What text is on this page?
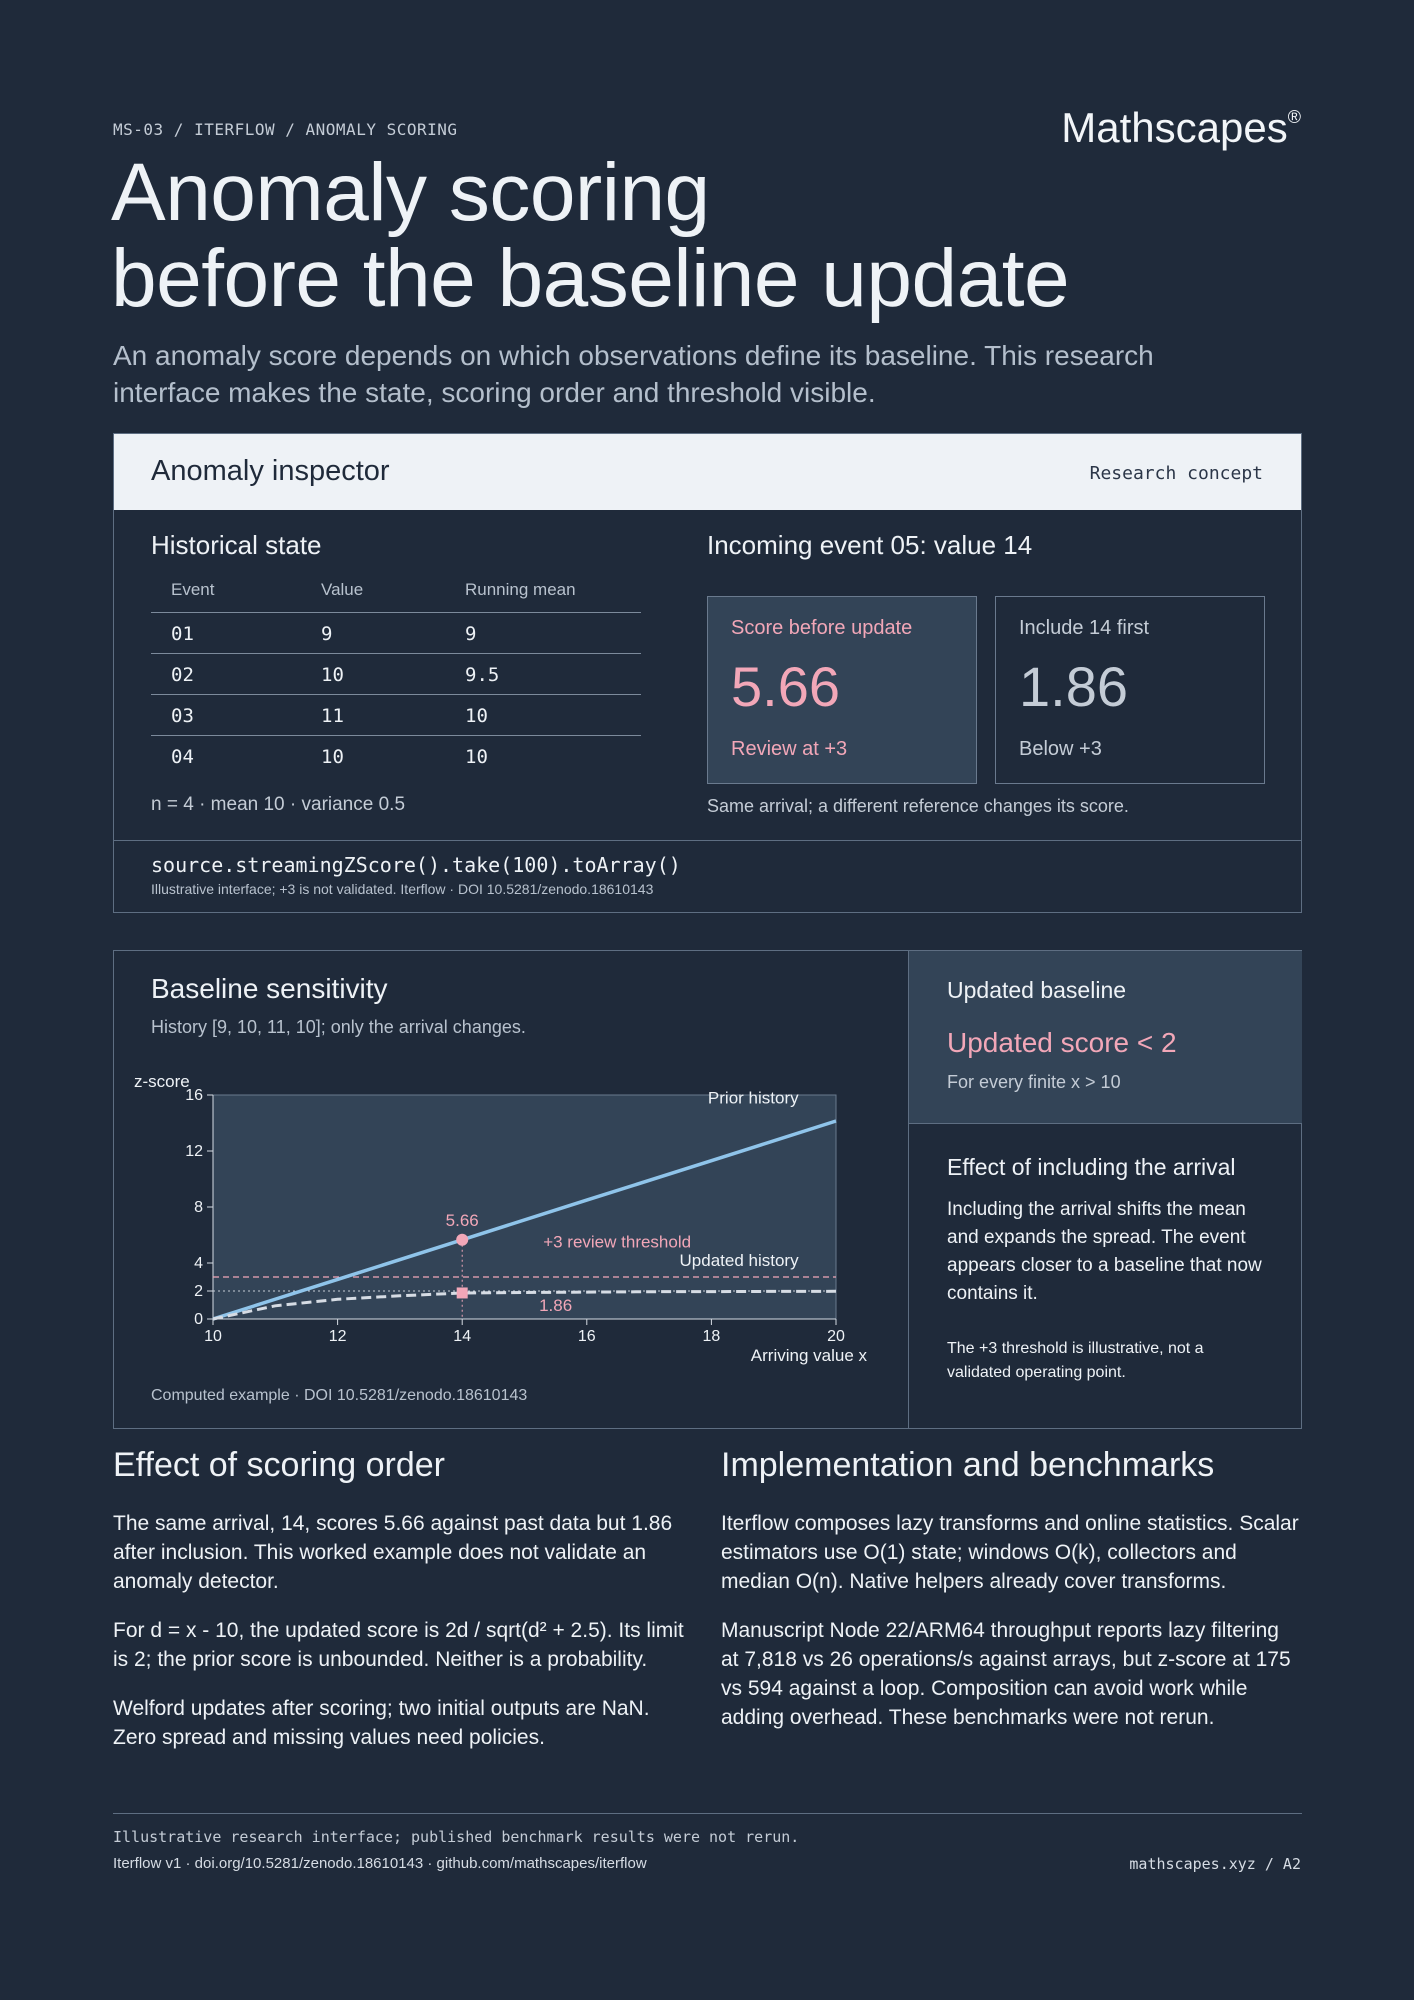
MS-03 / ITERFLOW / ANOMALY SCORING	Mathscapes®
Anomaly scoring
before the baseline update
An anomaly score depends on which observations define its baseline. This research interface makes the state, scoring order and threshold visible.
Anomaly inspector	Research concept
Historical state
Event	Value	Running mean
01	9	9
02	10	9.5
03	11	10
04	10	10
n = 4 · mean 10 · variance 0.5
Incoming event 05: value 14
Score before update
5.66
Review at +3
Include 14 first
1.86
Below +3
Same arrival; a different reference changes its score.
source.streamingZScore().take(100).toArray()
Illustrative interface; +3 is not validated. Iterflow · DOI 10.5281/zenodo.18610143
Baseline sensitivity
History [9, 10, 11, 10]; only the arrival changes.
10	12	14	16	18	20
0
2
4
8
12
16
z-score
Arriving value x
+3 review threshold
Prior history
Updated history
5.66
1.86
Computed example · DOI 10.5281/zenodo.18610143
Updated baseline
Updated score < 2
For every finite x > 10
Effect of including the arrival
Including the arrival shifts the mean and expands the spread. The event appears closer to a baseline that now contains it.
The +3 threshold is illustrative, not a validated operating point.
Effect of scoring order

The same arrival, 14, scores 5.66 against past data but 1.86 after inclusion. This worked example does not validate an anomaly detector.

For d = x - 10, the updated score is 2d / sqrt(d² + 2.5). Its limit is 2; the prior score is unbounded. Neither is a probability.

Welford updates after scoring; two initial outputs are NaN. Zero spread and missing values need policies.

Implementation and benchmarks

Iterflow composes lazy transforms and online statistics. Scalar estimators use O(1) state; windows O(k), collectors and median O(n). Native helpers already cover transforms.

Manuscript Node 22/ARM64 throughput reports lazy filtering at 7,818 vs 26 operations/s against arrays, but z-score at 175 vs 594 against a loop. Composition can avoid work while adding overhead. These benchmarks were not rerun.

Illustrative research interface; published benchmark results were not rerun.
Iterflow v1 · doi.org/10.5281/zenodo.18610143 · github.com/mathscapes/iterflow	mathscapes.xyz / A2
